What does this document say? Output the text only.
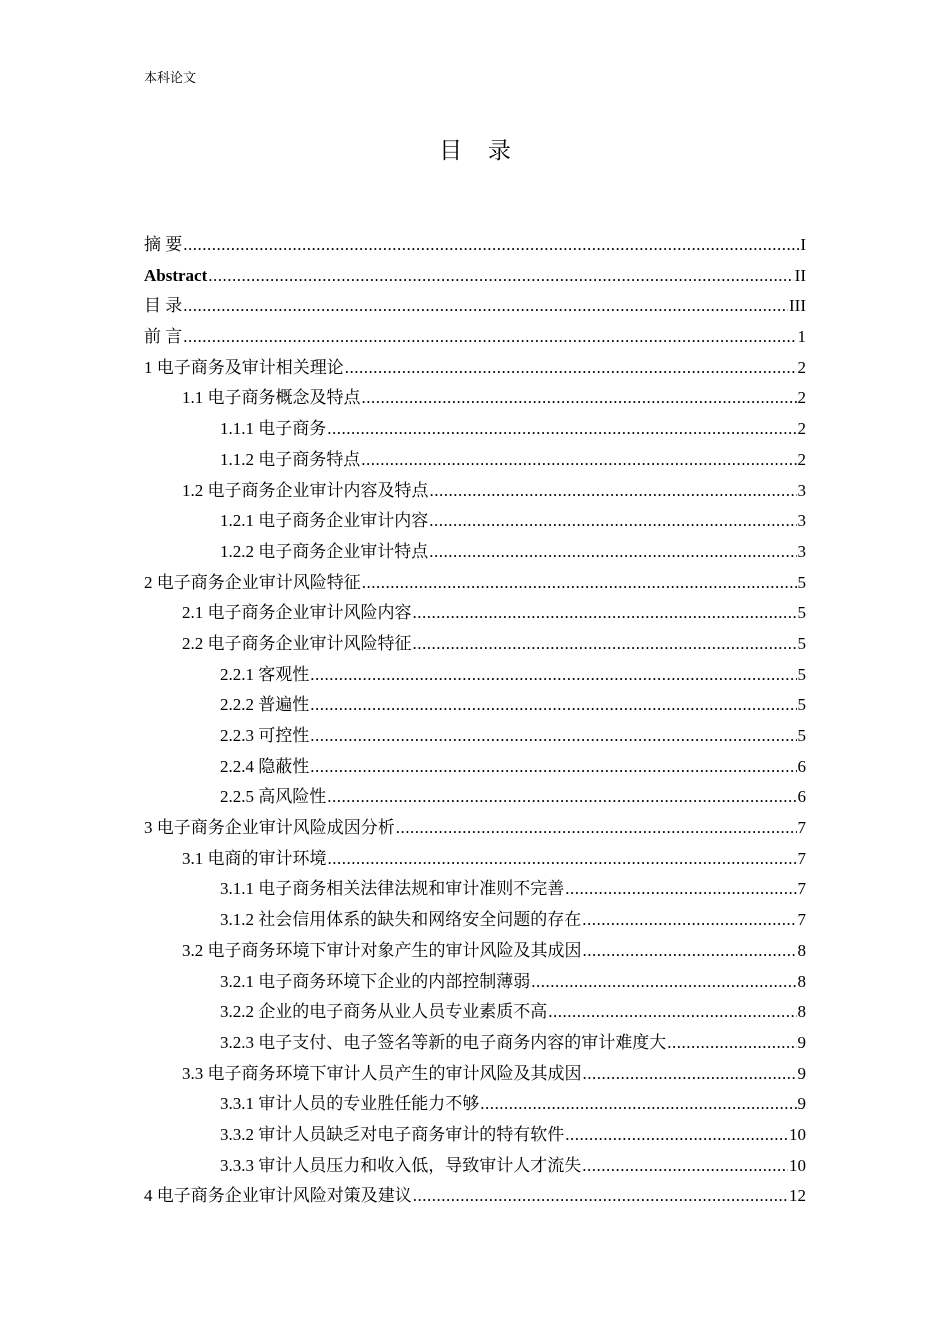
本科论文
目 录
摘 要 .....	I
Abstract .....	II
目 录 .....	III
前 言 .....	1
1 电子商务及审计相关理论 .....	2
1.1 电子商务概念及特点 .....	2
1.1.1 电子商务 .....	2
1.1.2 电子商务特点 .....	2
1.2 电子商务企业审计内容及特点 .....	3
1.2.1 电子商务企业审计内容 .....	3
1.2.2 电子商务企业审计特点 .....	3
2 电子商务企业审计风险特征 .....	5
2.1 电子商务企业审计风险内容 .....	5
2.2 电子商务企业审计风险特征 .....	5
2.2.1 客观性 .....	5
2.2.2 普遍性 .....	5
2.2.3 可控性 .....	5
2.2.4 隐蔽性 .....	6
2.2.5 高风险性 .....	6
3 电子商务企业审计风险成因分析 .....	7
3.1 电商的审计环境 .....	7
3.1.1 电子商务相关法律法规和审计准则不完善 .....	7
3.1.2 社会信用体系的缺失和网络安全问题的存在 .....	7
3.2 电子商务环境下审计对象产生的审计风险及其成因 .....	8
3.2.1 电子商务环境下企业的内部控制薄弱 .....	8
3.2.2 企业的电子商务从业人员专业素质不高 .....	8
3.2.3 电子支付、电子签名等新的电子商务内容的审计难度大 .....	9
3.3 电子商务环境下审计人员产生的审计风险及其成因 .....	9
3.3.1 审计人员的专业胜任能力不够 .....	9
3.3.2 审计人员缺乏对电子商务审计的特有软件 .....	10
3.3.3 审计人员压力和收入低，导致审计人才流失 .....	10
4 电子商务企业审计风险对策及建议 .....	12
